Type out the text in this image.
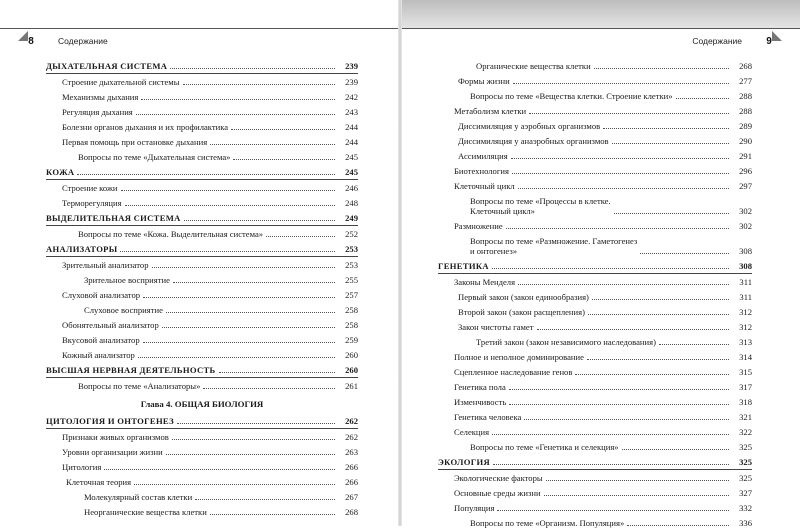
8	Содержание
ДЫХАТЕЛЬНАЯ СИСТЕМА	239
Строение дыхательной системы	239
Механизмы дыхания	242
Регуляция дыхания	243
Болезни органов дыхания и их профилактика	244
Первая помощь при остановке дыхания	244
Вопросы по теме «Дыхательная система»	245
КОЖА	245
Строение кожи	246
Терморегуляция	248
ВЫДЕЛИТЕЛЬНАЯ СИСТЕМА	249
Вопросы по теме «Кожа. Выделительная система»	252
АНАЛИЗАТОРЫ	253
Зрительный анализатор	253
Зрительное восприятие	255
Слуховой анализатор	257
Слуховое восприятие	258
Обонятельный анализатор	258
Вкусовой анализатор	259
Кожный анализатор	260
ВЫСШАЯ НЕРВНАЯ ДЕЯТЕЛЬНОСТЬ	260
Вопросы по теме «Анализаторы»	261
Глава 4. ОБЩАЯ БИОЛОГИЯ
ЦИТОЛОГИЯ И ОНТОГЕНЕЗ	262
Признаки живых организмов	262
Уровни организации жизни	263
Цитология	266
Клеточная теория	266
Молекулярный состав клетки	267
Неорганические вещества клетки	268
9
Содержание
Органические вещества клетки	268
Формы жизни	277
Вопросы по теме «Вещества клетки. Строение клетки»	288
Метаболизм клетки	288
Диссимиляция у аэробных организмов	289
Диссимиляция у анаэробных организмов	290
Ассимиляция	291
Биотехнология	296
Клеточный цикл	297
Вопросы по теме «Процессы в клетке.
Клеточный цикл»	302
Размножение	302
Вопросы по теме «Размножение. Гаметогенез
и онтогенез»	308
ГЕНЕТИКА	308
Законы Менделя	311
Первый закон (закон единообразия)	311
Второй закон (закон расщепления)	312
Закон чистоты гамет	312
Третий закон (закон независимого наследования)	313
Полное и неполное доминирование	314
Сцепленное наследование генов	315
Генетика пола	317
Изменчивость	318
Генетика человека	321
Селекция	322
Вопросы по теме «Генетика и селекция»	325
ЭКОЛОГИЯ	325
Экологические факторы	325
Основные среды жизни	327
Популяция	332
Вопросы по теме «Организм. Популяция»	336
